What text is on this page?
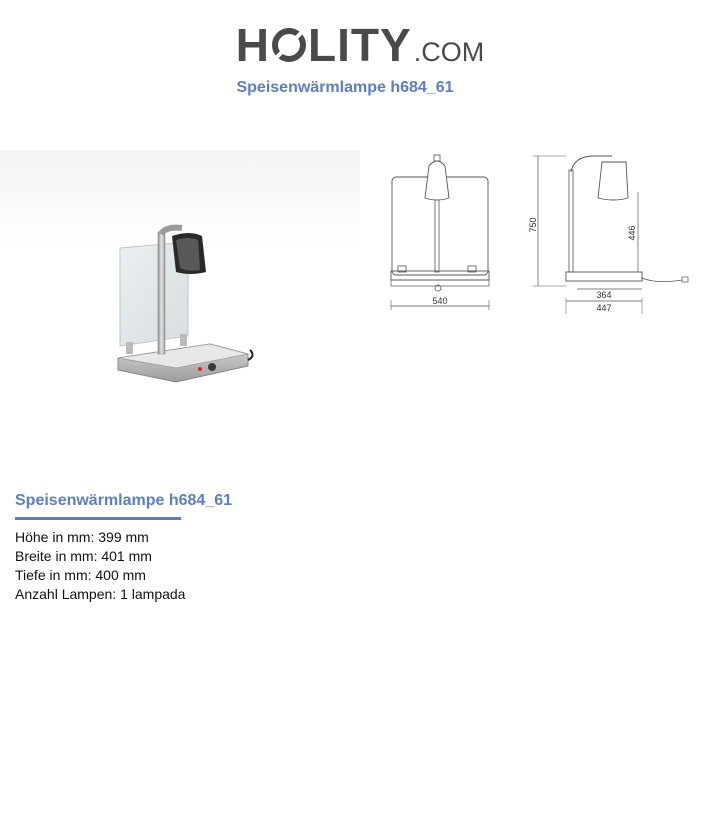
H LITY .COM
Speisenwärmlampe h684_61
540
750
446
364
447
Speisenwärmlampe h684_61
Höhe in mm: 399 mm
Breite in mm: 401 mm
Tiefe in mm: 400 mm
Anzahl Lampen: 1 lampada
